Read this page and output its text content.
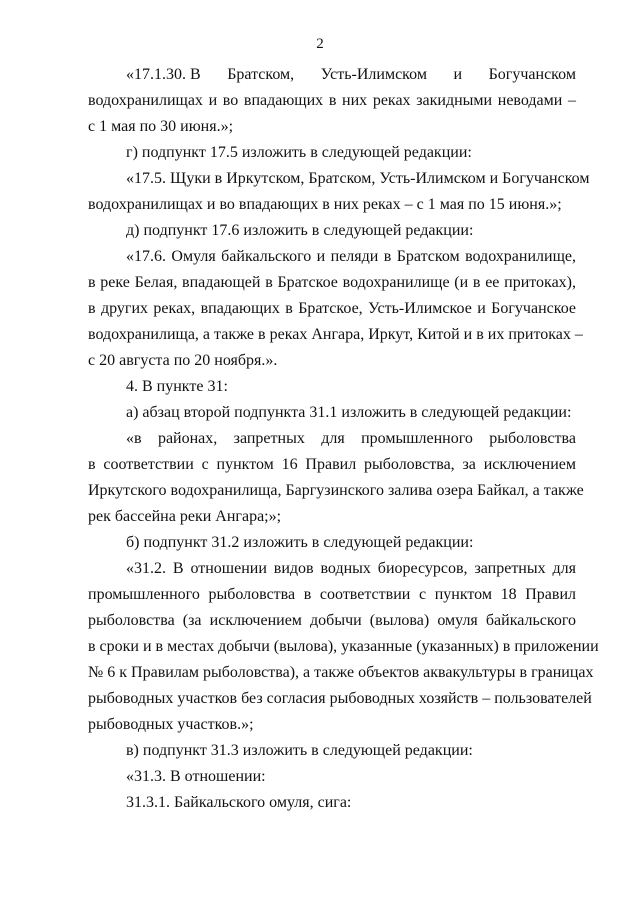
2
«17.1.30. В Братском, Усть-Илимском и Богучанском
водохранилищах и во впадающих в них реках закидными неводами –
с 1 мая по 30 июня.»;
г) подпункт 17.5 изложить в следующей редакции:
«17.5. Щуки в Иркутском, Братском, Усть-Илимском и Богучанском
водохранилищах и во впадающих в них реках – с 1 мая по 15 июня.»;
д) подпункт 17.6 изложить в следующей редакции:
«17.6. Омуля байкальского и пеляди в Братском водохранилище,
в реке Белая, впадающей в Братское водохранилище (и в ее притоках),
в других реках, впадающих в Братское, Усть-Илимское и Богучанское
водохранилища, а также в реках Ангара, Иркут, Китой и в их притоках –
с 20 августа по 20 ноября.».
4. В пункте 31:
а) абзац второй подпункта 31.1 изложить в следующей редакции:
«в районах, запретных для промышленного рыболовства
в соответствии с пунктом 16 Правил рыболовства, за исключением
Иркутского водохранилища, Баргузинского залива озера Байкал, а также
рек бассейна реки Ангара;»;
б) подпункт 31.2 изложить в следующей редакции:
«31.2. В отношении видов водных биоресурсов, запретных для
промышленного рыболовства в соответствии с пунктом 18 Правил
рыболовства (за исключением добычи (вылова) омуля байкальского
в сроки и в местах добычи (вылова), указанные (указанных) в приложении
№ 6 к Правилам рыболовства), а также объектов аквакультуры в границах
рыбоводных участков без согласия рыбоводных хозяйств – пользователей
рыбоводных участков.»;
в) подпункт 31.3 изложить в следующей редакции:
«31.3. В отношении:
31.3.1. Байкальского омуля, сига:
